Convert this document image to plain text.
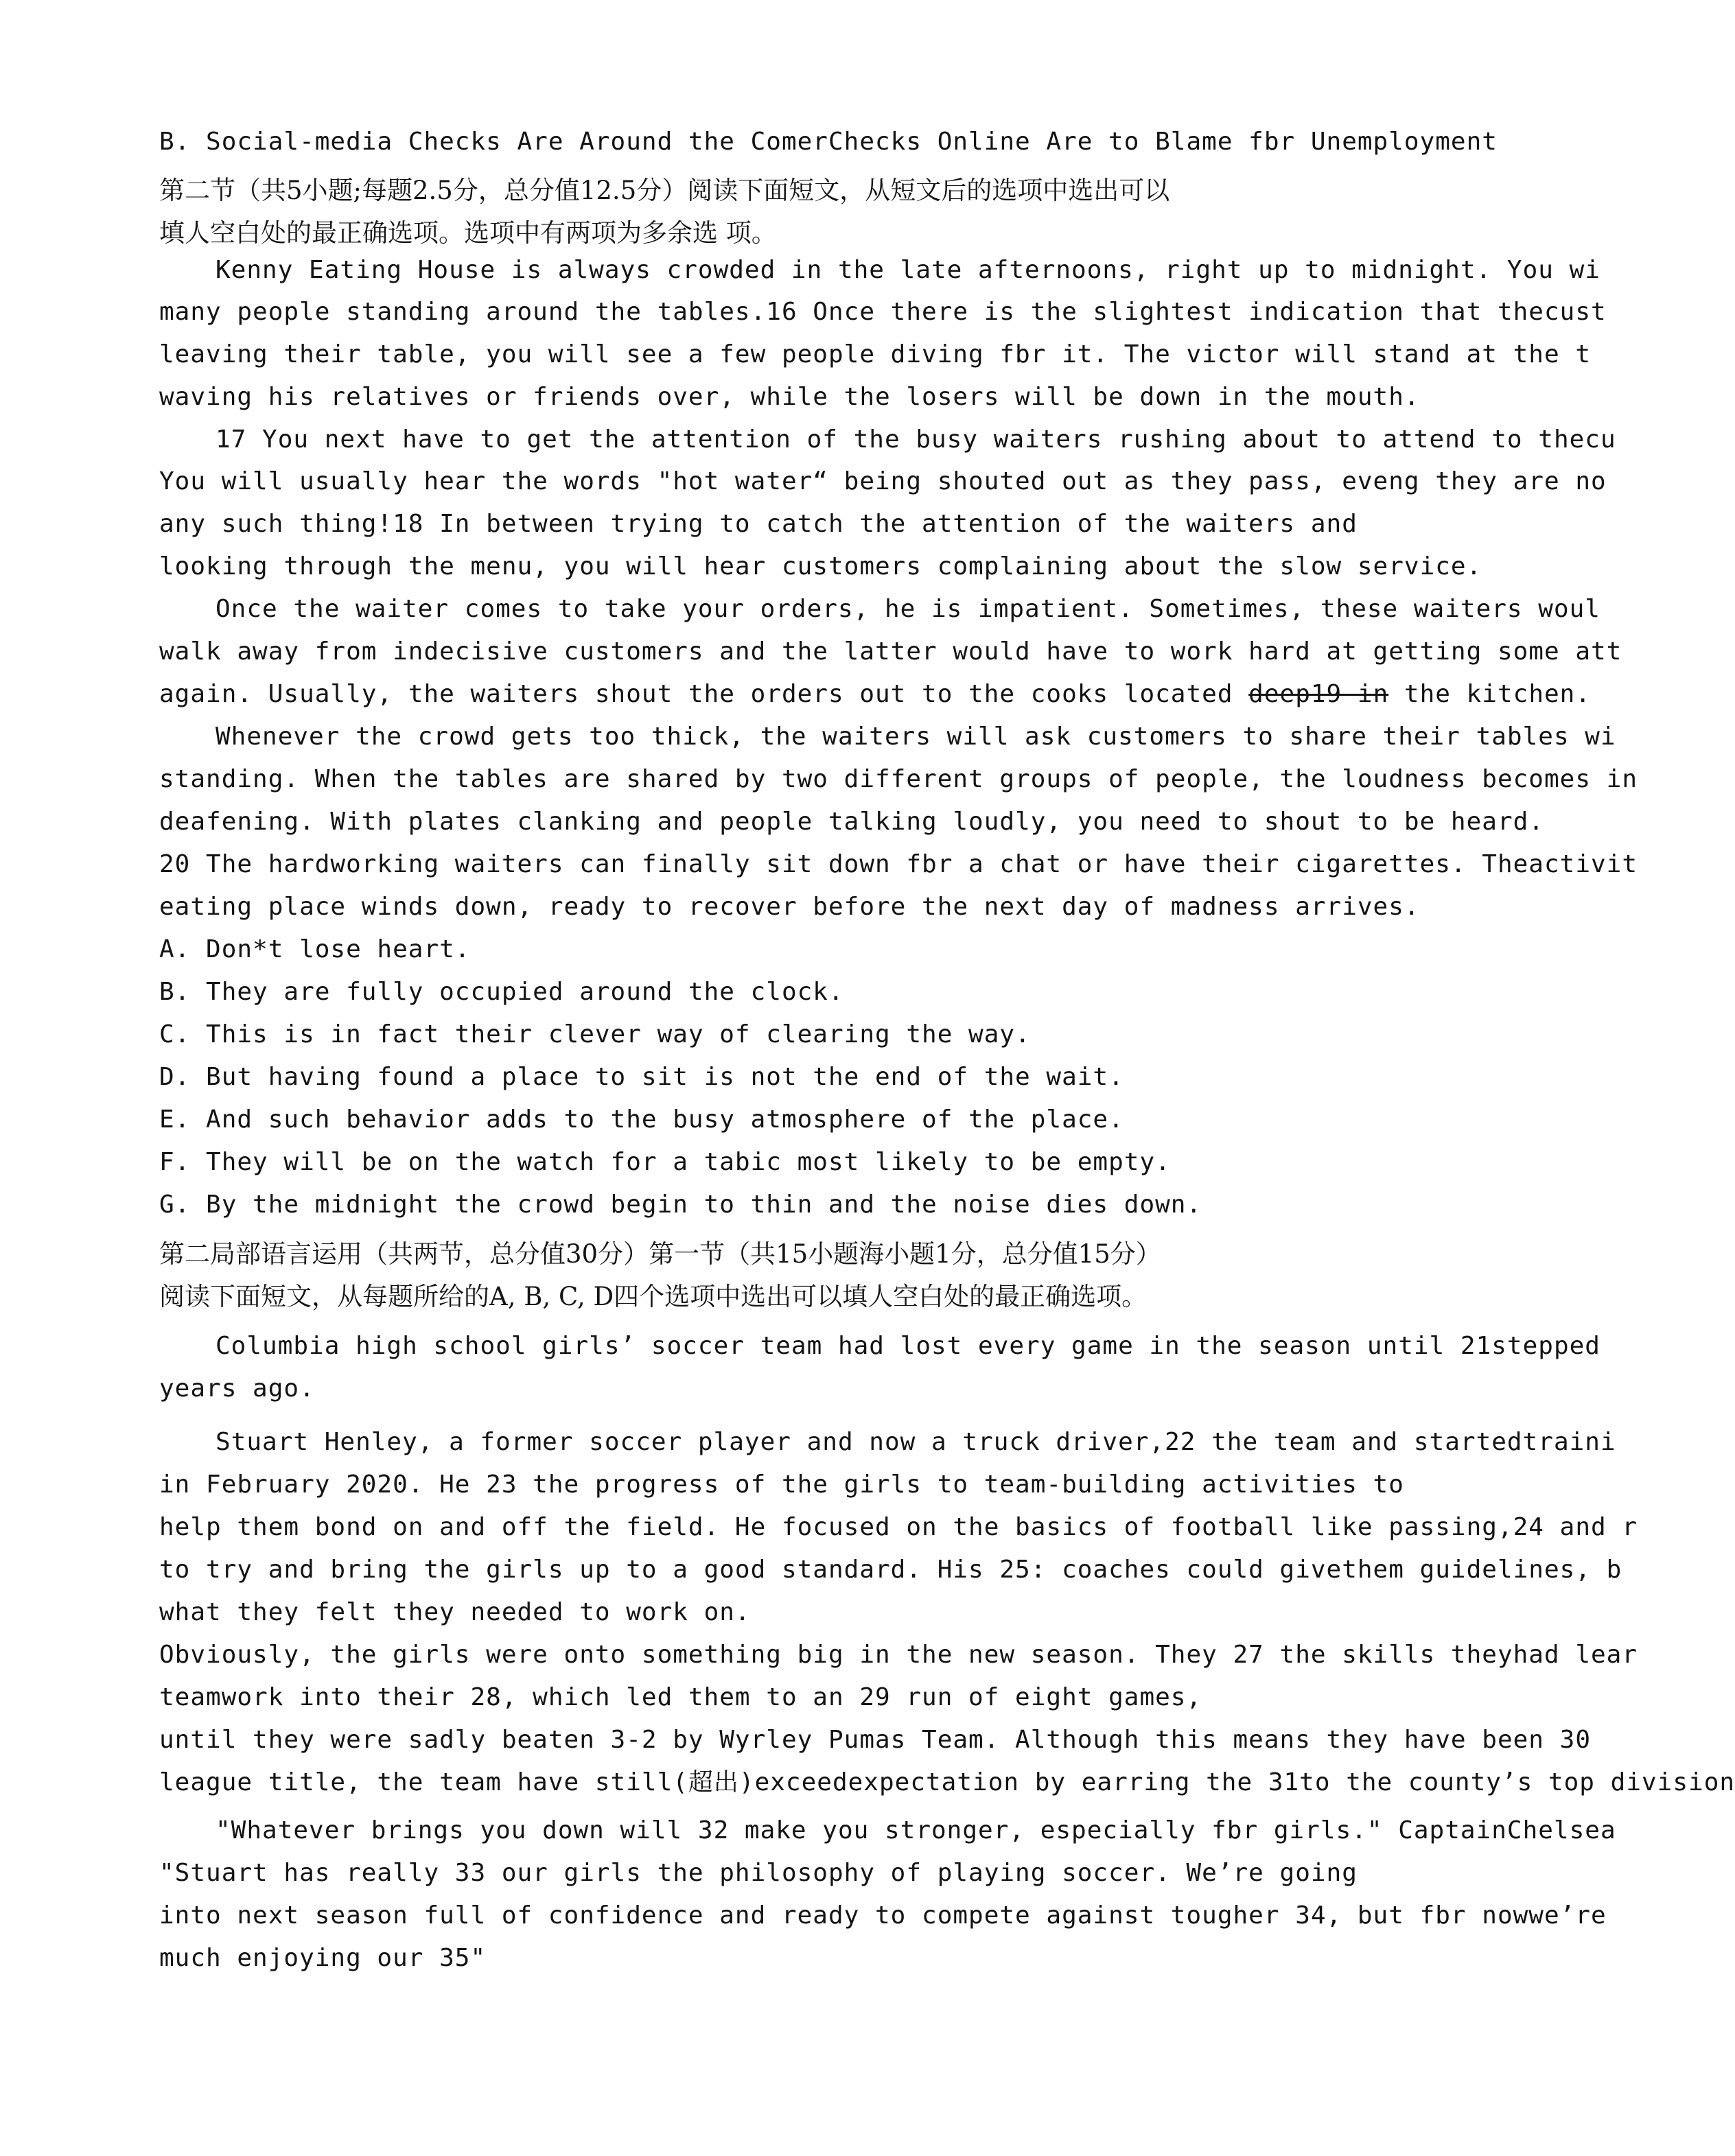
B. Social-media Checks Are Around the ComerChecks Online Are to Blame fbr Unemployment
第二节（共5小题;每题2.5分，总分值12.5分）阅读下面短文，从短文后的选项中选出可以
填人空白处的最正确选项。选项中有两项为多余选 项。
Kenny Eating House is always crowded in the late afternoons, right up to midnight. You wi
many people standing around the tables.16 Once there is the slightest indication that thecust
leaving their table, you will see a few people diving fbr it. The victor will stand at the t
waving his relatives or friends over, while the losers will be down in the mouth.
17 You next have to get the attention of the busy waiters rushing about to attend to thecu
You will usually hear the words "hot water“ being shouted out as they pass, eveng they are no
any such thing!18 In between trying to catch the attention of the waiters and
looking through the menu, you will hear customers complaining about the slow service.
Once the waiter comes to take your orders, he is impatient. Sometimes, these waiters woul
walk away from indecisive customers and the latter would have to work hard at getting some att
again. Usually, the waiters shout the orders out to the cooks located deep19 in the kitchen.
Whenever the crowd gets too thick, the waiters will ask customers to share their tables wi
standing. When the tables are shared by two different groups of people, the loudness becomes in
deafening. With plates clanking and people talking loudly, you need to shout to be heard.
20 The hardworking waiters can finally sit down fbr a chat or have their cigarettes. Theactivit
eating place winds down, ready to recover before the next day of madness arrives.
A. Don*t lose heart.
B. They are fully occupied around the clock.
C. This is in fact their clever way of clearing the way.
D. But having found a place to sit is not the end of the wait.
E. And such behavior adds to the busy atmosphere of the place.
F. They will be on the watch for a tabic most likely to be empty.
G. By the midnight the crowd begin to thin and the noise dies down.
第二局部语言运用（共两节，总分值30分）第一节（共15小题海小题1分，总分值15分）
阅读下面短文，从每题所给的A, B, C, D四个选项中选出可以填人空白处的最正确选项。
Columbia high school girls’ soccer team had lost every game in the season until 21stepped
years ago.
Stuart Henley, a former soccer player and now a truck driver,22 the team and startedtraini
in February 2020. He 23 the progress of the girls to team-building activities to
help them bond on and off the field. He focused on the basics of football like passing,24 and r
to try and bring the girls up to a good standard. His 25: coaches could givethem guidelines, b
what they felt they needed to work on.
Obviously, the girls were onto something big in the new season. They 27 the skills theyhad lear
teamwork into their 28, which led them to an 29 run of eight games,
until they were sadly beaten 3-2 by Wyrley Pumas Team. Although this means they have been 30
league title, the team have still(超出)exceedexpectation by earring the 31to the county’s top division
"Whatever brings you down will 32 make you stronger, especially fbr girls." CaptainChelsea
"Stuart has really 33 our girls the philosophy of playing soccer. We’re going
into next season full of confidence and ready to compete against tougher 34, but fbr nowwe’re
much enjoying our 35"
